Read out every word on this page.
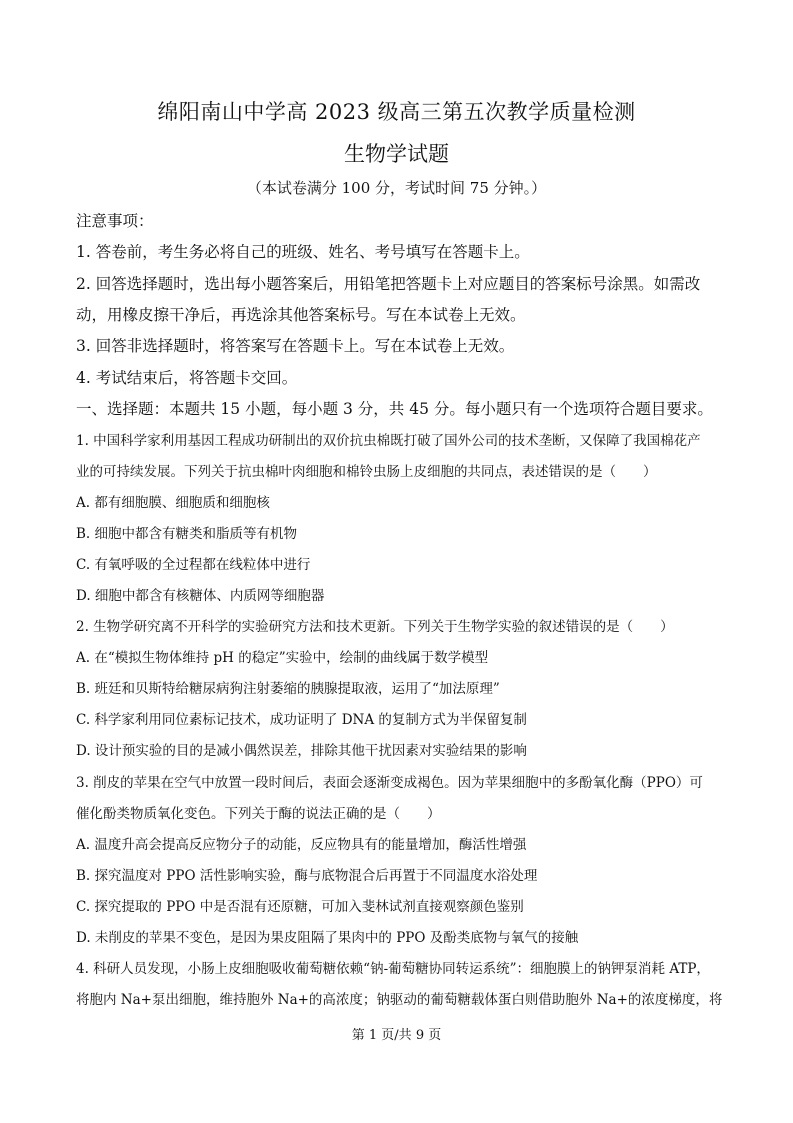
绵阳南山中学高 2023 级高三第五次教学质量检测
生物学试题
（本试卷满分 100 分，考试时间 75 分钟。）
注意事项：
1. 答卷前，考生务必将自己的班级、姓名、考号填写在答题卡上。
2. 回答选择题时，选出每小题答案后，用铅笔把答题卡上对应题目的答案标号涂黑。如需改
动，用橡皮擦干净后，再选涂其他答案标号。写在本试卷上无效。
3. 回答非选择题时，将答案写在答题卡上。写在本试卷上无效。
4. 考试结束后，将答题卡交回。
一、选择题：本题共 15 小题，每小题 3 分，共 45 分。每小题只有一个选项符合题目要求。
1. 中国科学家利用基因工程成功研制出的双价抗虫棉既打破了国外公司的技术垄断，又保障了我国棉花产
业的可持续发展。下列关于抗虫棉叶肉细胞和棉铃虫肠上皮细胞的共同点，表述错误的是（　　）
A. 都有细胞膜、细胞质和细胞核
B. 细胞中都含有糖类和脂质等有机物
C. 有氧呼吸的全过程都在线粒体中进行
D. 细胞中都含有核糖体、内质网等细胞器
2. 生物学研究离不开科学的实验研究方法和技术更新。下列关于生物学实验的叙述错误的是（　　）
A. 在“模拟生物体维持 pH 的稳定”实验中，绘制的曲线属于数学模型
B. 班廷和贝斯特给糖尿病狗注射萎缩的胰腺提取液，运用了“加法原理”
C. 科学家利用同位素标记技术，成功证明了 DNA 的复制方式为半保留复制
D. 设计预实验的目的是减小偶然误差，排除其他干扰因素对实验结果的影响
3. 削皮的苹果在空气中放置一段时间后，表面会逐渐变成褐色。因为苹果细胞中的多酚氧化酶（PPO）可
催化酚类物质氧化变色。下列关于酶的说法正确的是（　　）
A. 温度升高会提高反应物分子的动能，反应物具有的能量增加，酶活性增强
B. 探究温度对 PPO 活性影响实验，酶与底物混合后再置于不同温度水浴处理
C. 探究提取的 PPO 中是否混有还原糖，可加入斐林试剂直接观察颜色鉴别
D. 未削皮的苹果不变色，是因为果皮阻隔了果肉中的 PPO 及酚类底物与氧气的接触
4. 科研人员发现，小肠上皮细胞吸收葡萄糖依赖“钠-葡萄糖协同转运系统”：细胞膜上的钠钾泵消耗 ATP，
将胞内 Na+泵出细胞，维持胞外 Na+的高浓度；钠驱动的葡萄糖载体蛋白则借助胞外 Na+的浓度梯度，将
第 1 页/共 9 页
